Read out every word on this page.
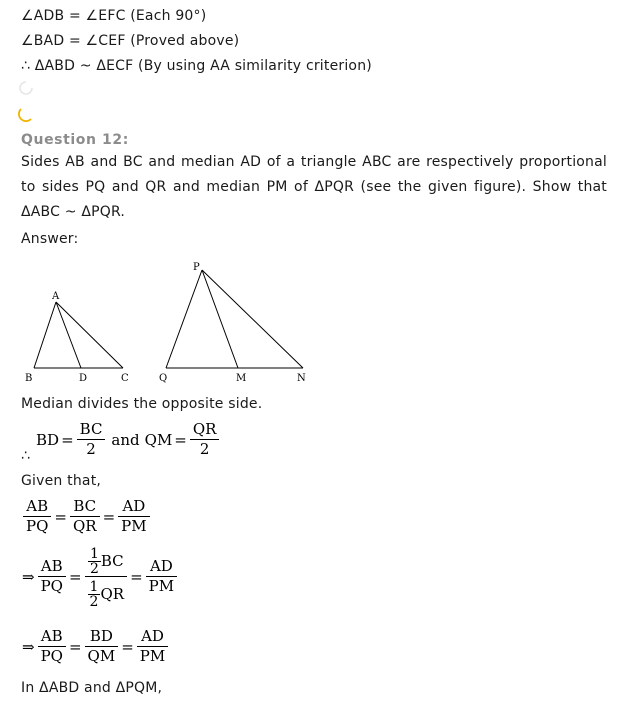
∠ADB = ∠EFC (Each 90°)
∠BAD = ∠CEF (Proved above)
∴ ΔABD ~ ΔECF (By using AA similarity criterion)
Question 12:
Sides AB and BC and median AD of a triangle ABC are respectively proportional to sides PQ and QR and median PM of ΔPQR (see the given figure). Show that ΔABC ~ ΔPQR.
Answer:
A
B	D	C
P
Q	M	N
Median divides the opposite side.
BD = $\frac{BC}{2}$ and QM = $\frac{QR}{2}$
∴
Given that,
$\frac{AB}{PQ} = \frac{BC}{QR} = \frac{AD}{PM}$
⇒ $\frac{AB}{PQ} = 1$
2 BC
1
2 QR = $\frac{AD}{PM}$
⇒ $\frac{AB}{PQ} = \frac{BD}{QM} = \frac{AD}{PM}$
In ΔABD and ΔPQM,
